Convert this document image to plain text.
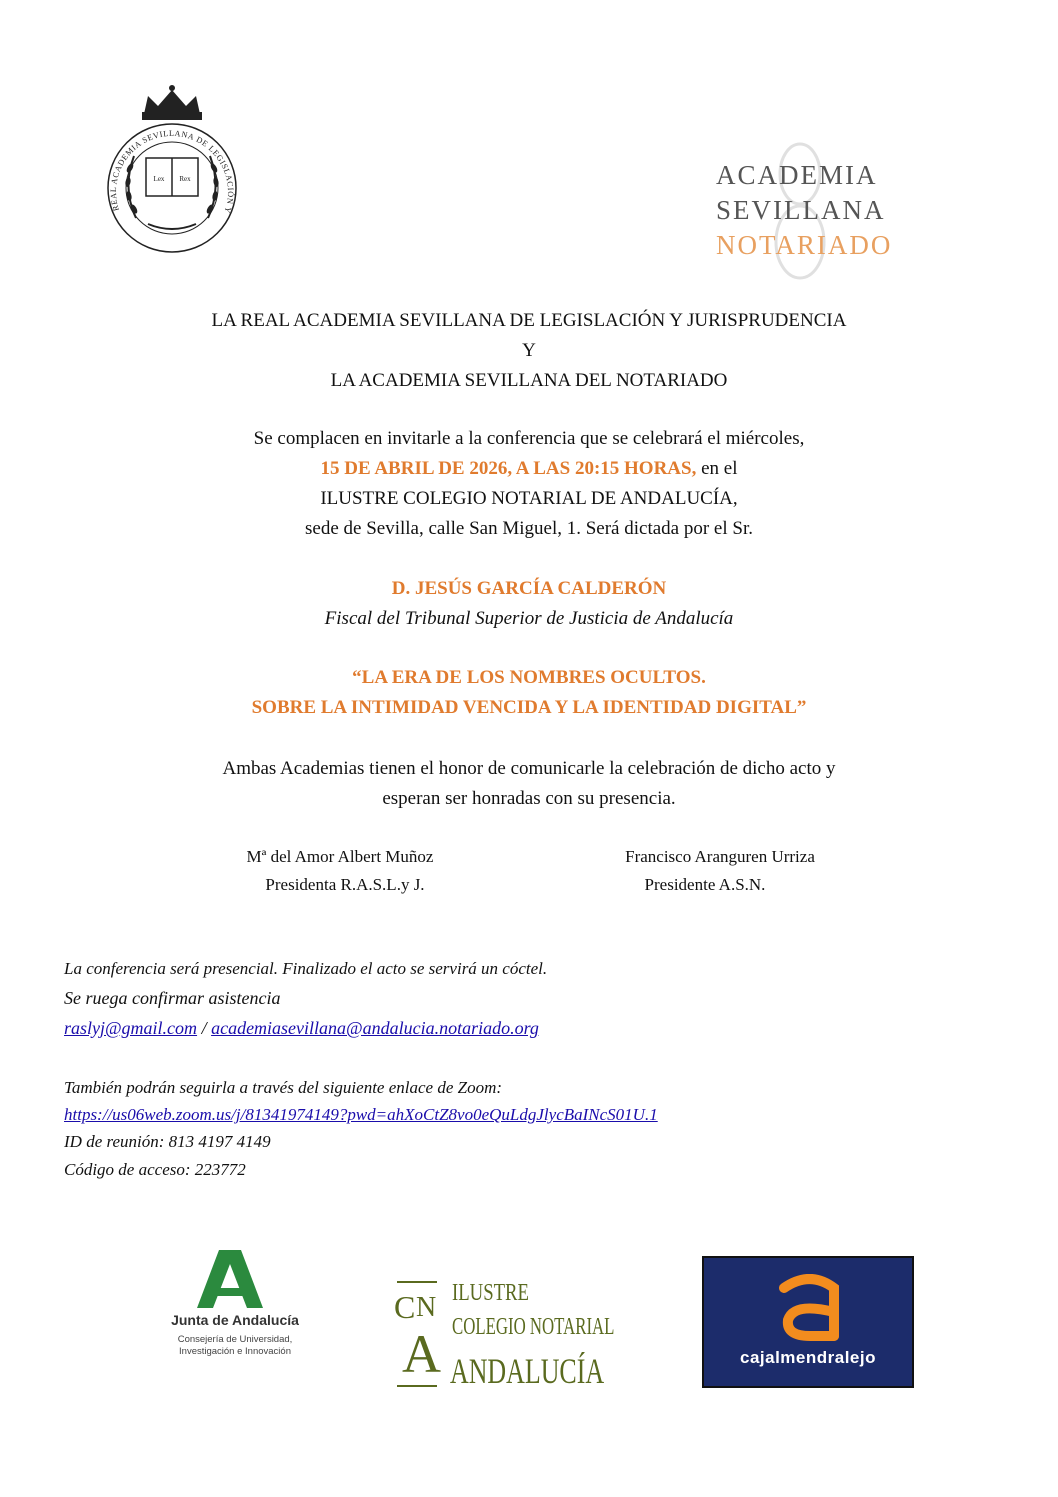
REAL ACADEMIA SEVILLANA DE LEGISLACIÓN Y
Lex Rex	ACADEMIA
SEVILLANA
NOTARIADO
LA REAL ACADEMIA SEVILLANA DE LEGISLACIÓN Y JURISPRUDENCIA
Y
LA ACADEMIA SEVILLANA DEL NOTARIADO
Se complacen en invitarle a la conferencia que se celebrará el miércoles,
15 DE ABRIL DE 2026, A LAS 20:15 HORAS, en el
ILUSTRE COLEGIO NOTARIAL DE ANDALUCÍA,
sede de Sevilla, calle San Miguel, 1. Será dictada por el Sr.
D. JESÚS GARCÍA CALDERÓN
Fiscal del Tribunal Superior de Justicia de Andalucía
“LA ERA DE LOS NOMBRES OCULTOS.
SOBRE LA INTIMIDAD VENCIDA Y LA IDENTIDAD DIGITAL”
Ambas Academias tienen el honor de comunicarle la celebración de dicho acto y
esperan ser honradas con su presencia.
Mª del Amor Albert Muñoz
Presidenta R.A.S.L.y J.
Francisco Aranguren Urriza
Presidente A.S.N.
La conferencia será presencial. Finalizado el acto se servirá un cóctel.
Se ruega confirmar asistencia
raslyj@gmail.com / academiasevillana@andalucia.notariado.org
También podrán seguirla a través del siguiente enlace de Zoom:
https://us06web.zoom.us/j/81341974149?pwd=ahXoCtZ8vo0eQuLdgJlycBaINcS01U.1
ID de reunión: 813 4197 4149
Código de acceso: 223772
Junta de Andalucía
Consejería de Universidad,
Investigación e Innovación
C N
A
ILUSTRE
COLEGIO NOTARIAL
ANDALUCÍA	cajalmendralejo
